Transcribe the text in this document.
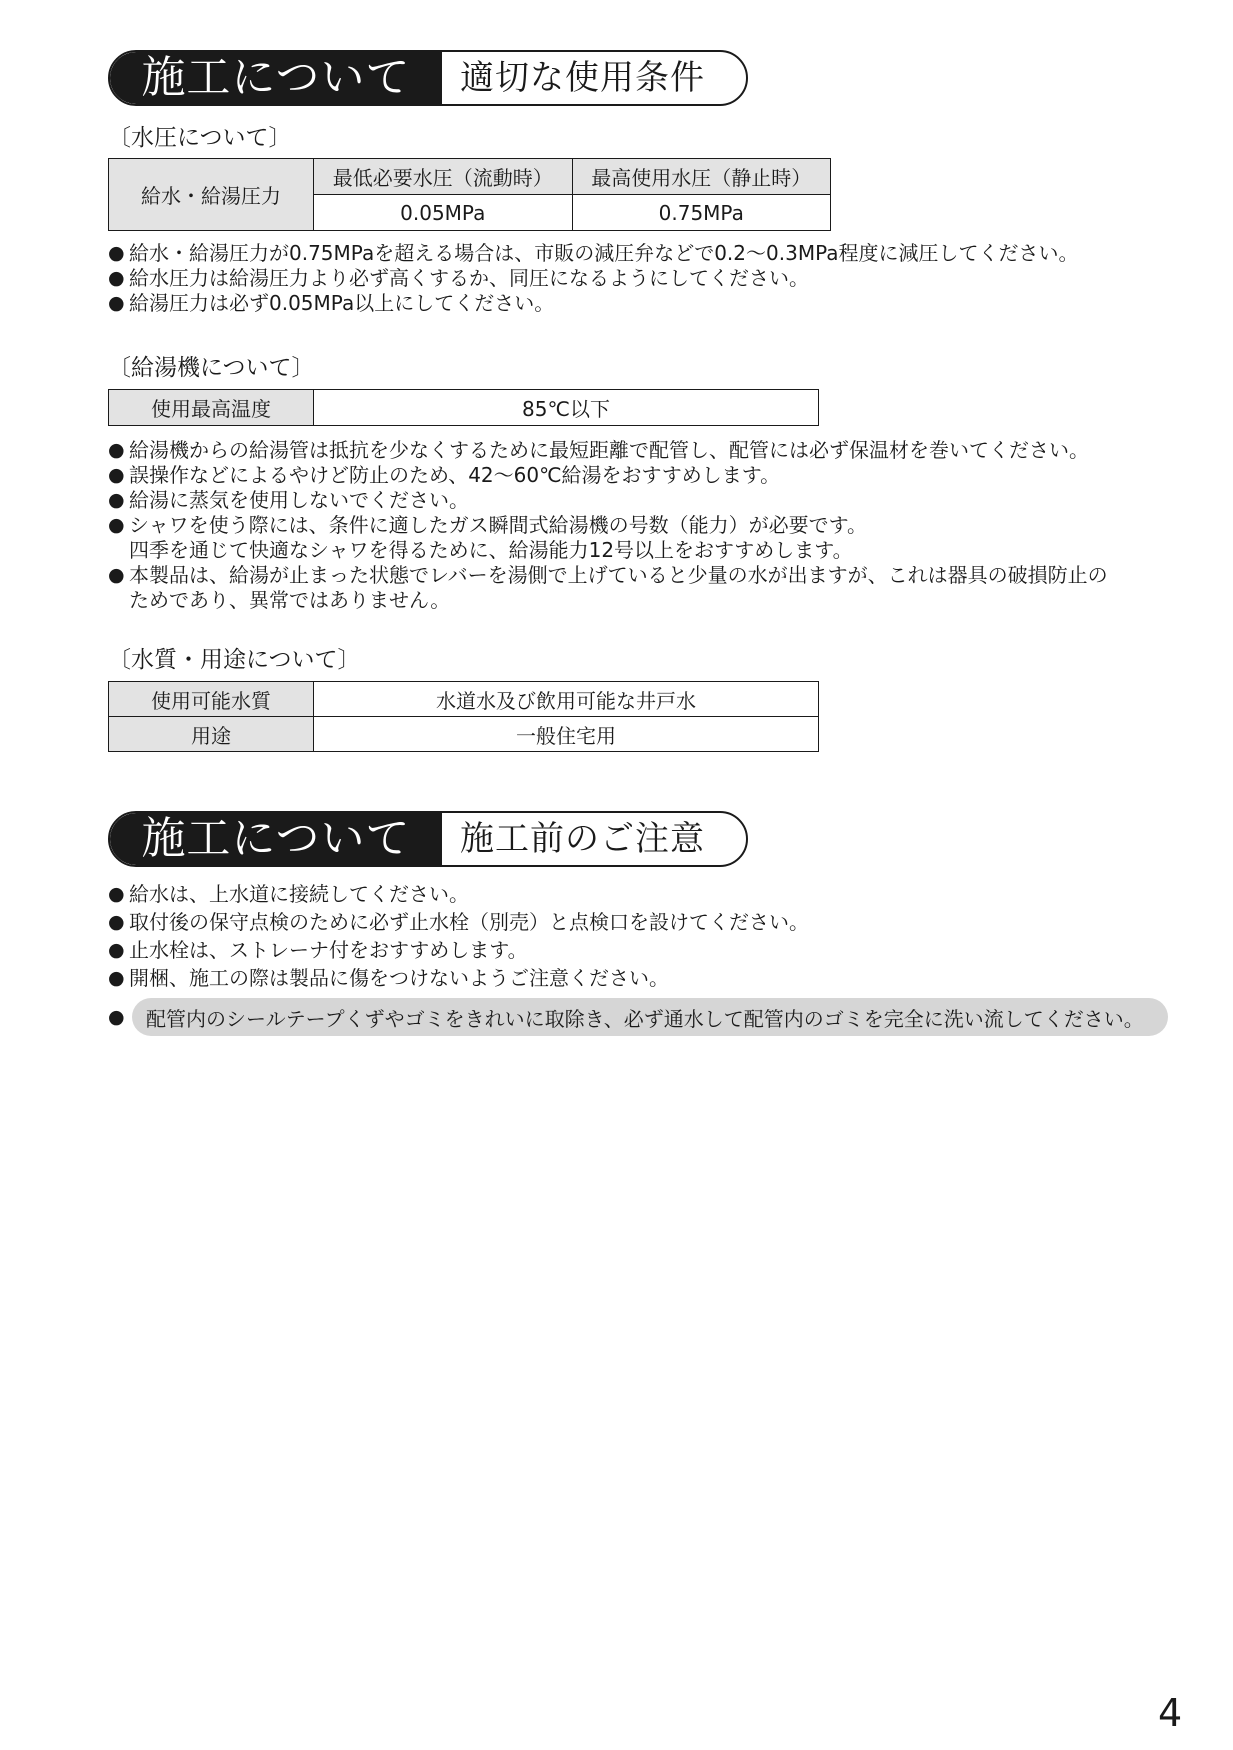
施工について	適切な使用条件
〔水圧について〕
給水・給湯圧力	最低必要水圧（流動時）	最高使用水圧（静止時）
	0.05MPa	0.75MPa
● 給水・給湯圧力が0.75MPaを超える場合は、市販の減圧弁などで0.2〜0.3MPa程度に減圧してください。
● 給水圧力は給湯圧力より必ず高くするか、同圧になるようにしてください。
● 給湯圧力は必ず0.05MPa以上にしてください。
〔給湯機について〕
使用最高温度	85℃以下
● 給湯機からの給湯管は抵抗を少なくするために最短距離で配管し、配管には必ず保温材を巻いてください。
● 誤操作などによるやけど防止のため、42〜60℃給湯をおすすめします。
● 給湯に蒸気を使用しないでください。
● シャワを使う際には、条件に適したガス瞬間式給湯機の号数（能力）が必要です。
四季を通じて快適なシャワを得るために、給湯能力12号以上をおすすめします。
● 本製品は、給湯が止まった状態でレバーを湯側で上げていると少量の水が出ますが、これは器具の破損防止の
ためであり、異常ではありません。
〔水質・用途について〕
使用可能水質	水道水及び飲用可能な井戸水
用途	一般住宅用
施工について	施工前のご注意
● 給水は、上水道に接続してください。
● 取付後の保守点検のために必ず止水栓（別売）と点検口を設けてください。
● 止水栓は、ストレーナ付をおすすめします。
● 開梱、施工の際は製品に傷をつけないようご注意ください。
●	配管内のシールテープくずやゴミをきれいに取除き、必ず通水して配管内のゴミを完全に洗い流してください。
4
